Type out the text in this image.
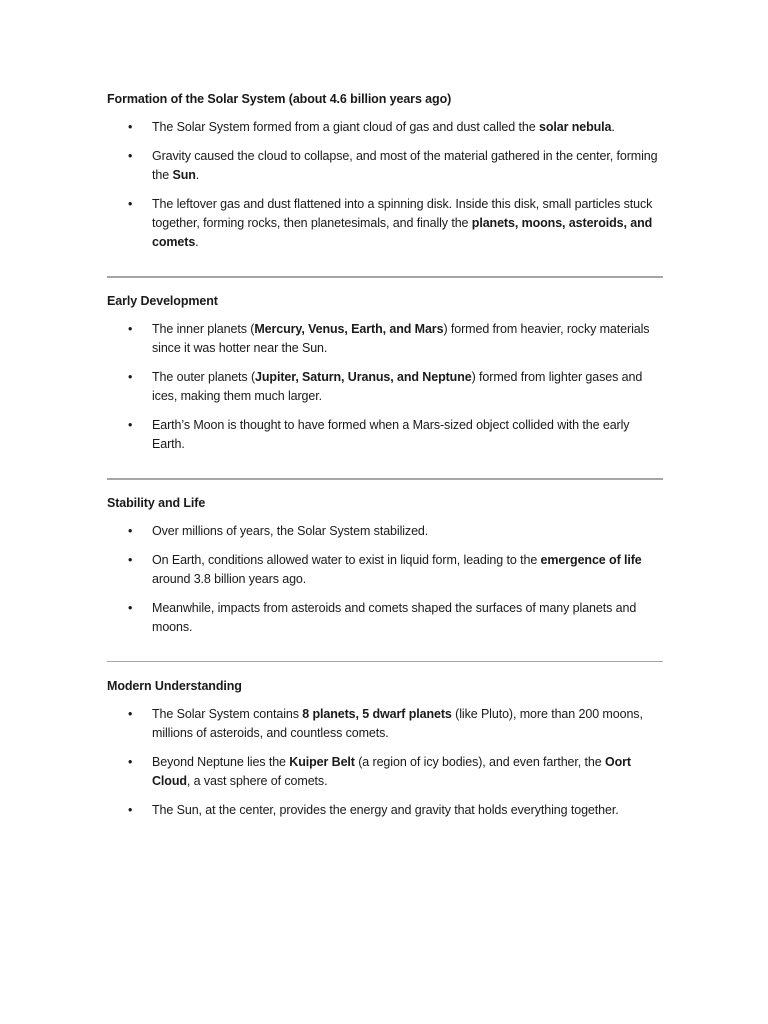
Formation of the Solar System (about 4.6 billion years ago)
• The Solar System formed from a giant cloud of gas and dust called the solar nebula.
• Gravity caused the cloud to collapse, and most of the material gathered in the center, forming the Sun.
• The leftover gas and dust flattened into a spinning disk. Inside this disk, small particles stuck together, forming rocks, then planetesimals, and finally the planets, moons, asteroids, and comets.
Early Development
• The inner planets (Mercury, Venus, Earth, and Mars) formed from heavier, rocky materials since it was hotter near the Sun.
• The outer planets (Jupiter, Saturn, Uranus, and Neptune) formed from lighter gases and ices, making them much larger.
• Earth’s Moon is thought to have formed when a Mars-sized object collided with the early Earth.
Stability and Life
• Over millions of years, the Solar System stabilized.
• On Earth, conditions allowed water to exist in liquid form, leading to the emergence of life around 3.8 billion years ago.
• Meanwhile, impacts from asteroids and comets shaped the surfaces of many planets and moons.
Modern Understanding
• The Solar System contains 8 planets, 5 dwarf planets (like Pluto), more than 200 moons, millions of asteroids, and countless comets.
• Beyond Neptune lies the Kuiper Belt (a region of icy bodies), and even farther, the Oort Cloud, a vast sphere of comets.
• The Sun, at the center, provides the energy and gravity that holds everything together.
